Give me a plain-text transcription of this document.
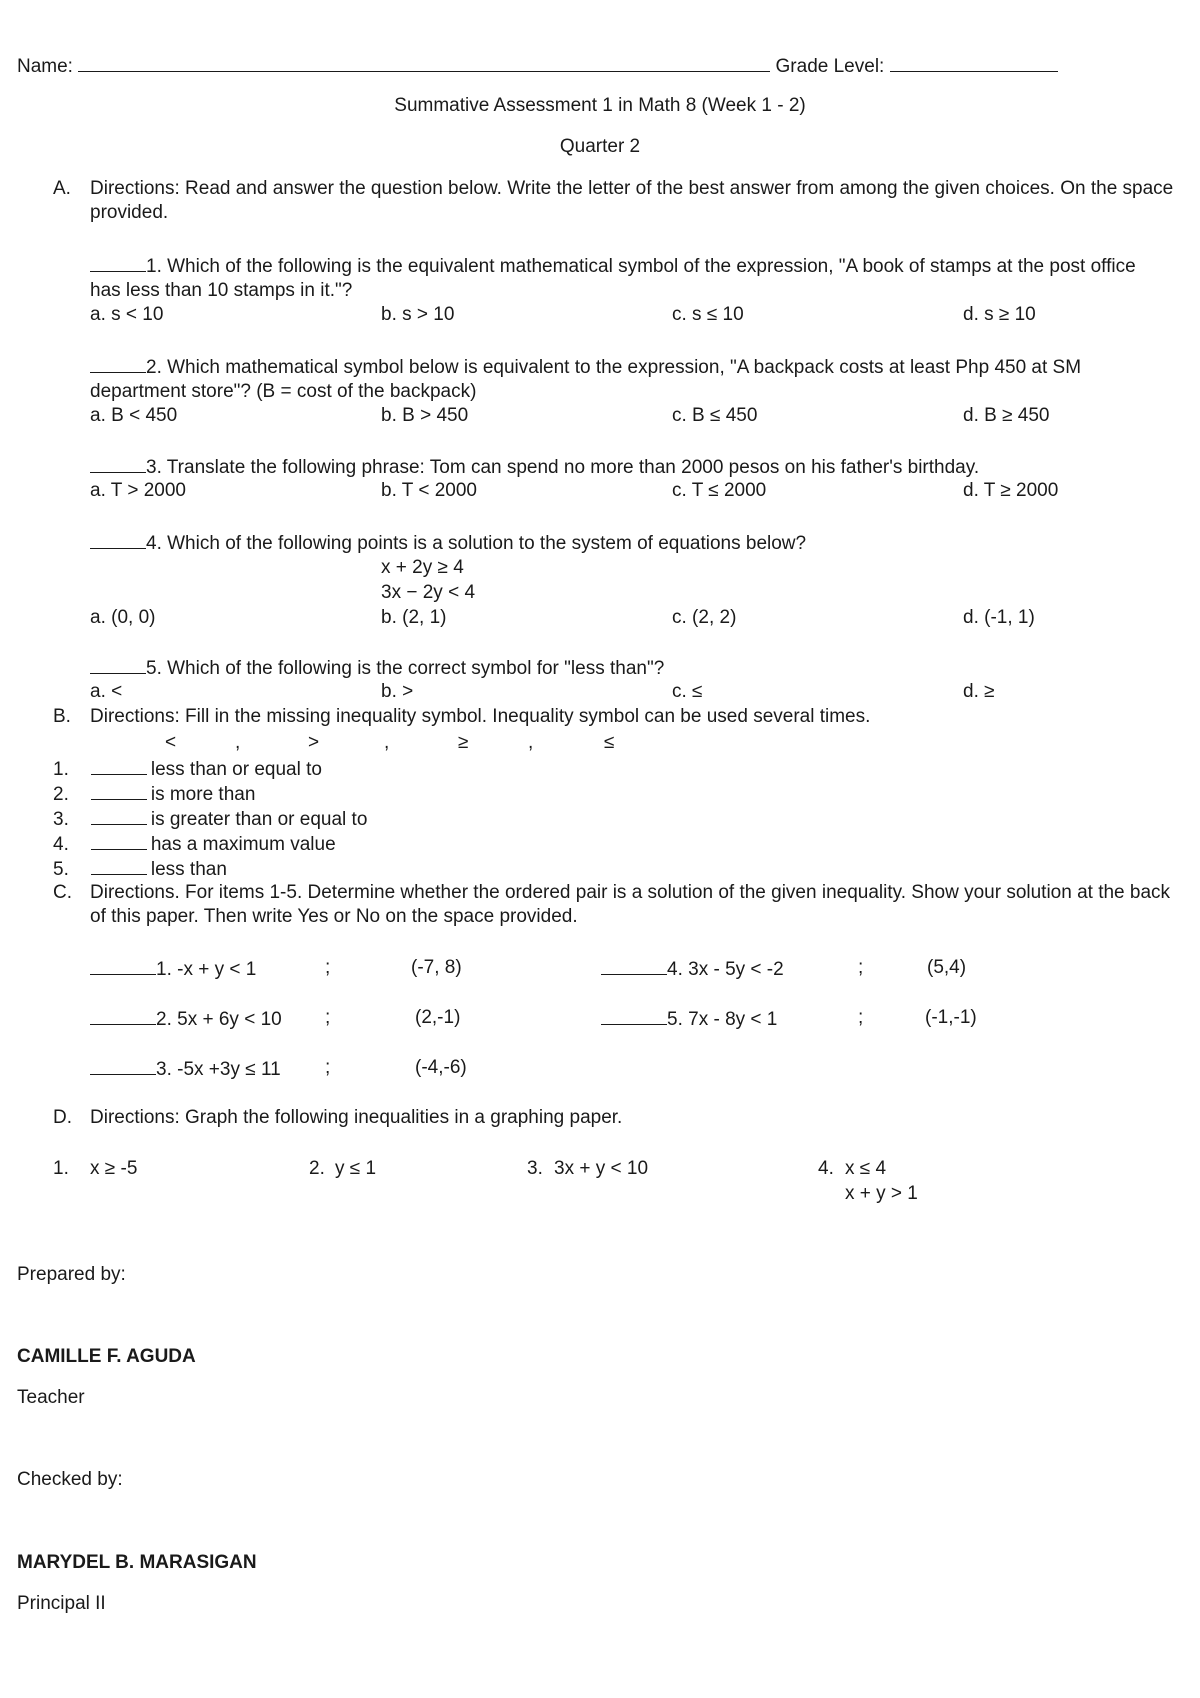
Name:	Grade Level:
Summative Assessment 1 in Math 8 (Week 1 - 2)
Quarter 2
A. Directions: Read and answer the question below. Write the letter of the best answer from among the given choices. On the space provided.
1. Which of the following is the equivalent mathematical symbol of the expression, "A book of stamps at the post office has less than 10 stamps in it."?
a. s < 10	b. s > 10	c. s ≤ 10	d. s ≥ 10
2. Which mathematical symbol below is equivalent to the expression, "A backpack costs at least Php 450 at SM department store"? (B = cost of the backpack)
a. B < 450	b. B > 450	c. B ≤ 450	d. B ≥ 450
3. Translate the following phrase: Tom can spend no more than 2000 pesos on his father's birthday.
a. T > 2000	b. T < 2000	c. T ≤ 2000	d. T ≥ 2000
4. Which of the following points is a solution to the system of equations below?
x + 2y ≥ 4
3x − 2y < 4
a. (0, 0)	b. (2, 1)	c. (2, 2)	d. (-1, 1)
5. Which of the following is the correct symbol for "less than"?
a. <	b. >	c. ≤	d. ≥
B. Directions: Fill in the missing inequality symbol. Inequality symbol can be used several times.
<	,	>	,	≥	,	≤
1.	less than or equal to
2.	is more than
3.	is greater than or equal to
4.	has a maximum value
5.	less than
C. Directions. For items 1-5. Determine whether the ordered pair is a solution of the given inequality. Show your solution at the back of this paper. Then write Yes or No on the space provided.
1. -x + y < 1	;	(-7, 8)
2. 5x + 6y < 10 ;	(2,-1)
3. -5x +3y ≤ 11 ;	(-4,-6)
4. 3x - 5y < -2	;	(5,4)
5. 7x - 8y < 1	;	(-1,-1)
D. Directions: Graph the following inequalities in a graphing paper.
1. x ≥ -5	2. y ≤ 1	3. 3x + y ˂ 10	4. x ≤ 4
x + y > 1
Prepared by:
CAMILLE F. AGUDA
Teacher
Checked by:
MARYDEL B. MARASIGAN
Principal II
